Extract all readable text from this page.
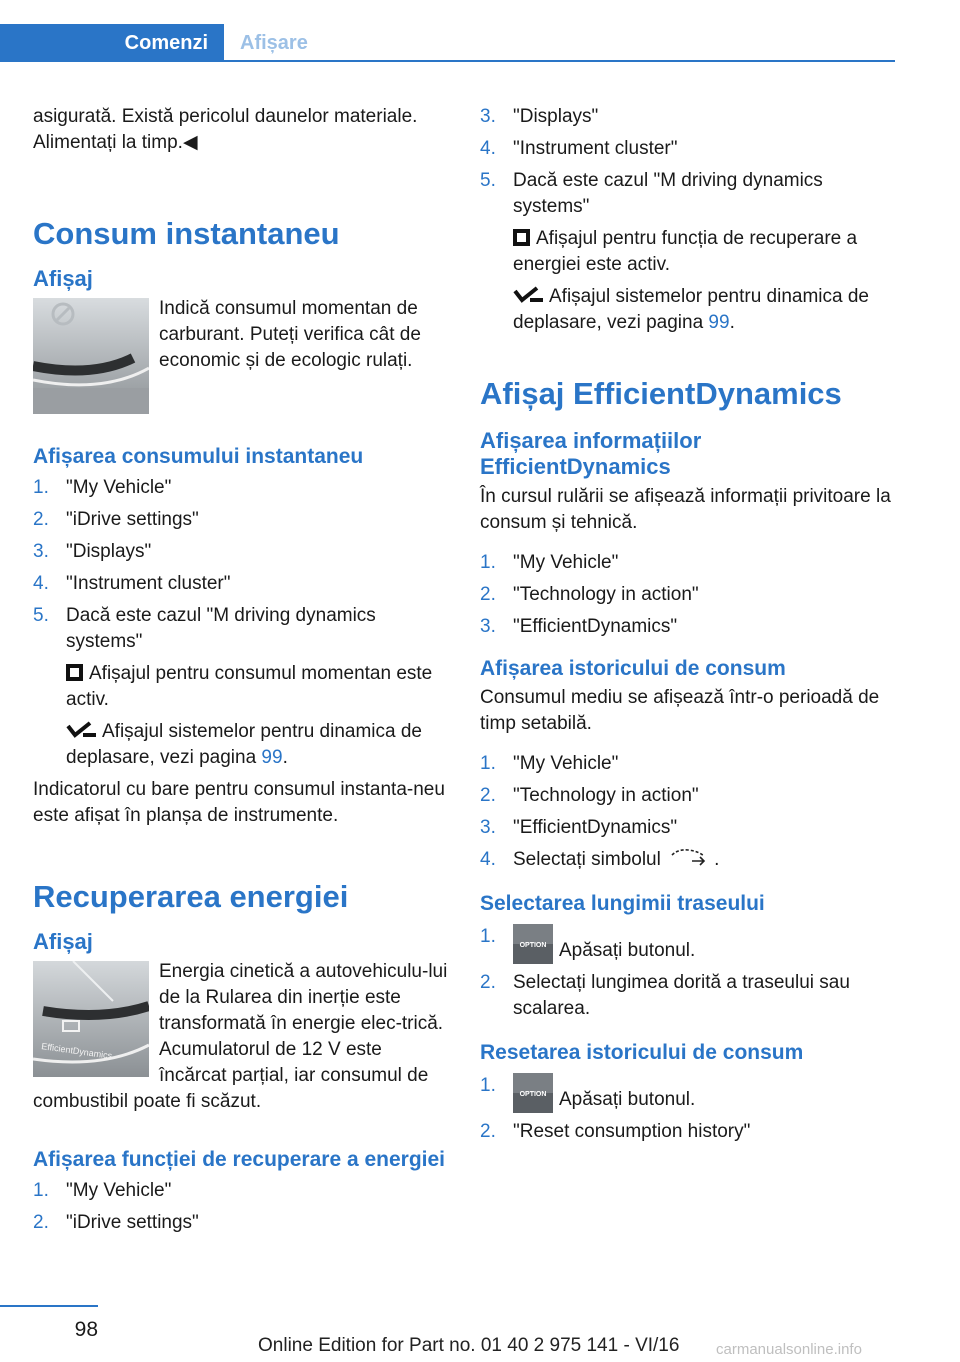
Comenzi	Afișare
asigurată. Există pericolul daunelor materiale.
Alimentați la timp.◀
Consum instantaneu
Afișaj
Indică consumul momentan de carburant. Puteți verifica cât de economic și de ecologic rulați.
Afișarea consumului instantaneu
1. "My Vehicle"
2. "iDrive settings"
3. "Displays"
4. "Instrument cluster"
5. Dacă este cazul "M driving dynamics
systems"
Afișajul pentru consumul momentan este activ.
Afișajul sistemelor pentru dinamica de deplasare, vezi pagina 99.
Indicatorul cu bare pentru consumul instanta-neu este afișat în planșa de instrumente.
Recuperarea energiei
Afișaj
EfficientDynamics
Energia cinetică a autovehiculu-lui de la Rularea din inerție este transformată în energie elec-trică. Acumulatorul de 12 V este încărcat parțial, iar consumul de combustibil poate fi scăzut.
Afișarea funcției de recuperare a energiei
1. "My Vehicle"
2. "iDrive settings"
3. "Displays"
4. "Instrument cluster"
5. Dacă este cazul "M driving dynamics
systems"
Afișajul pentru funcția de recuperare a energiei este activ.
Afișajul sistemelor pentru dinamica de deplasare, vezi pagina 99.
Afișaj EfficientDynamics
Afișarea informațiilor EfficientDynamics
În cursul rulării se afișează informații privitoare la consum și tehnică.
1. "My Vehicle"
2. "Technology in action"
3. "EfficientDynamics"
Afișarea istoricului de consum
Consumul mediu se afișează într-o perioadă de timp setabilă.
1. "My Vehicle"
2. "Technology in action"
3. "EfficientDynamics"
4. Selectați simbolul	.
Selectarea lungimii traseului
1.	OPTION Apăsați butonul.
2. Selectați lungimea dorită a traseului sau scalarea.
Resetarea istoricului de consum
1.	OPTION Apăsați butonul.
2. "Reset consumption history"
98
Online Edition for Part no. 01 40 2 975 141 - VI/16 carmanualsonline.info
